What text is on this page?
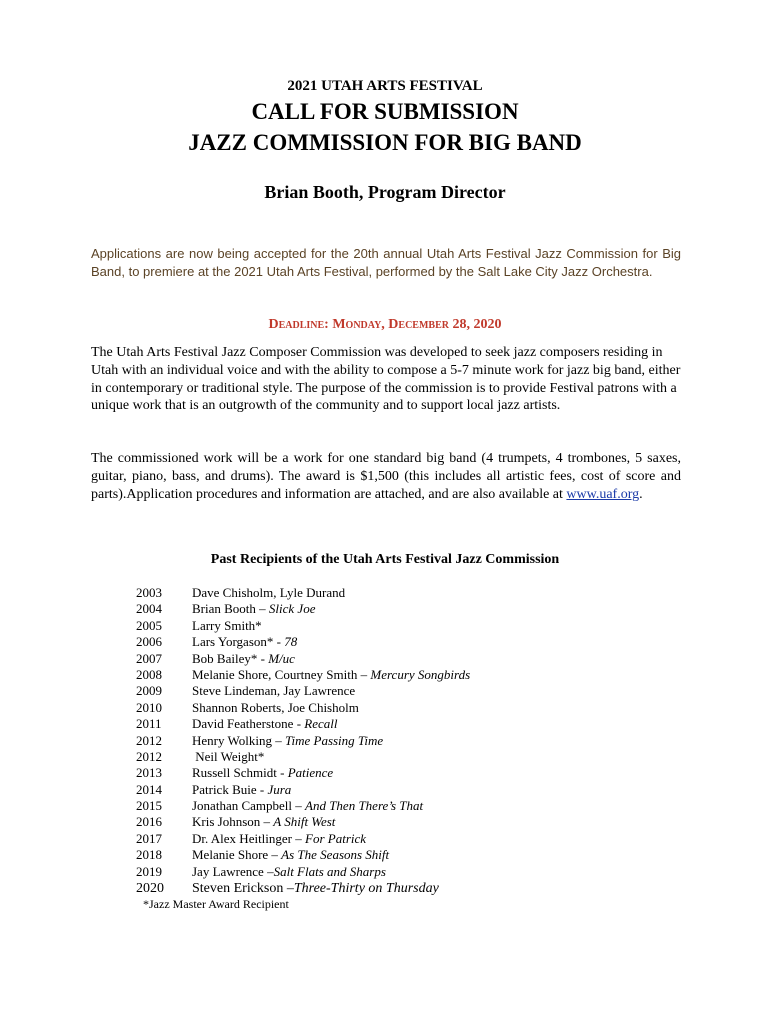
2021 UTAH ARTS FESTIVAL
CALL FOR SUBMISSION
JAZZ COMMISSION FOR BIG BAND
Brian Booth, Program Director
Applications are now being accepted for the 20th annual Utah Arts Festival Jazz Commission for Big Band, to premiere at the 2021 Utah Arts Festival, performed by the Salt Lake City Jazz Orchestra.
Deadline: Monday, December 28, 2020
The Utah Arts Festival Jazz Composer Commission was developed to seek jazz composers residing in Utah with an individual voice and with the ability to compose a 5-7 minute work for jazz big band, either in contemporary or traditional style. The purpose of the commission is to provide Festival patrons with a unique work that is an outgrowth of the community and to support local jazz artists.
The commissioned work will be a work for one standard big band (4 trumpets, 4 trombones, 5 saxes, guitar, piano, bass, and drums). The award is $1,500 (this includes all artistic fees, cost of score and parts).Application procedures and information are attached, and are also available at www.uaf.org.
Past Recipients of the Utah Arts Festival Jazz Commission
2003 Dave Chisholm, Lyle Durand
2004 Brian Booth – Slick Joe
2005 Larry Smith*
2006 Lars Yorgason* - 78
2007 Bob Bailey* - M/uc
2008 Melanie Shore, Courtney Smith – Mercury Songbirds
2009 Steve Lindeman, Jay Lawrence
2010 Shannon Roberts, Joe Chisholm
2011 David Featherstone - Recall
2012 Henry Wolking – Time Passing Time
2012 Neil Weight*
2013 Russell Schmidt - Patience
2014 Patrick Buie - Jura
2015 Jonathan Campbell – And Then There’s That
2016 Kris Johnson – A Shift West
2017 Dr. Alex Heitlinger – For Patrick
2018 Melanie Shore – As The Seasons Shift
2019 Jay Lawrence –Salt Flats and Sharps
2020 Steven Erickson –Three-Thirty on Thursday
*Jazz Master Award Recipient
